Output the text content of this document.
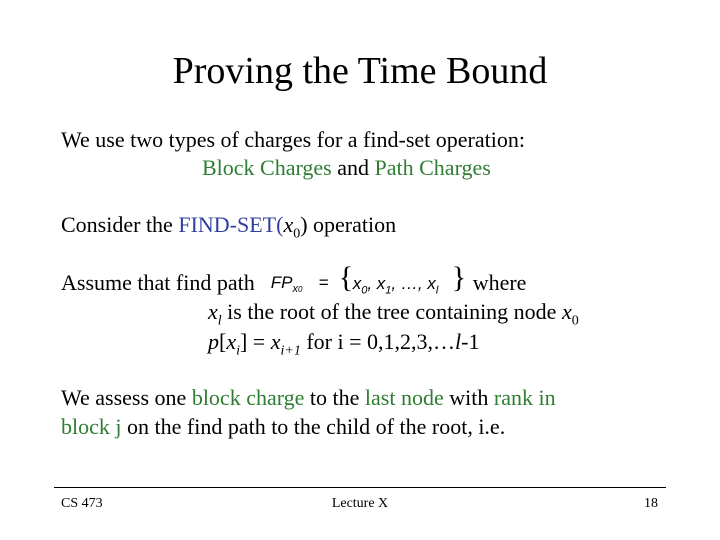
Proving the Time Bound
We use two types of charges for a find-set operation:
Block Charges and Path Charges
Consider the FIND-$SET(x_0)$ operation
Assume that find path $FP_{x0}$ = { $x_0$, $x_1$, …, $x_l$ } where
$x_l$ is the root of the tree containing node $x_0$
$p[x_i] = x_{i+1}$ for i = 0,1,2,3,…l-1
We assess one block charge to the last node with rank in
block j on the find path to the child of the root, i.e.
CS 473	Lecture X	18
